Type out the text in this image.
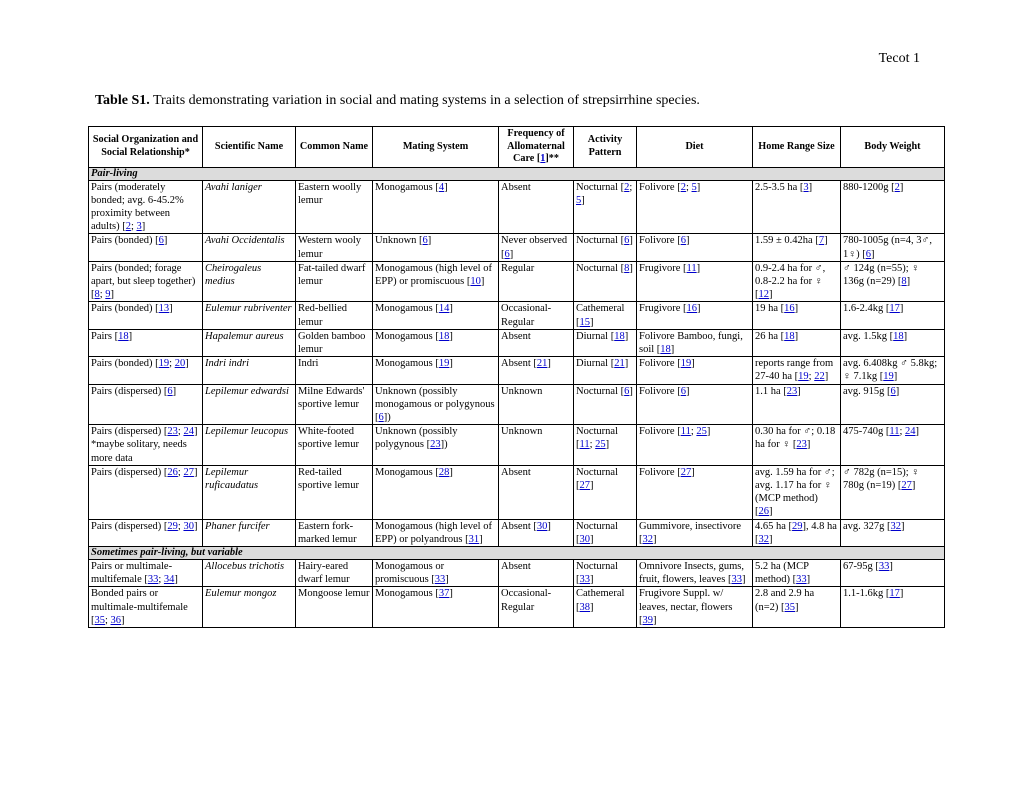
Tecot 1
Table S1. Traits demonstrating variation in social and mating systems in a selection of strepsirrhine species.
Social Organization and Social Relationship*	Scientific Name	Common Name	Mating System	Frequency of Allomaternal Care [1]**	Activity Pattern	Diet	Home Range Size	Body Weight
Pair-living								
Pairs (moderately bonded; avg. 6-45.2% proximity between adults) [2; 3]	Avahi laniger	Eastern woolly lemur	Monogamous [4]	Absent	Nocturnal [2; 5]	Folivore [2; 5]	2.5-3.5 ha [3]	880-1200g [2]
Pairs (bonded) [6]	Avahi Occidentalis	Western wooly lemur	Unknown [6]	Never observed [6]	Nocturnal [6]	Folivore [6]	1.59 ± 0.42ha [7]	780-1005g (n=4, 3♂, 1♀) [6]
Pairs (bonded; forage apart, but sleep together) [8; 9]	Cheirogaleus medius	Fat-tailed dwarf lemur	Monogamous (high level of EPP) or promiscuous [10]	Regular	Nocturnal [8]	Frugivore [11]	0.9-2.4 ha for ♂, 0.8-2.2 ha for ♀ [12]	♂ 124g (n=55); ♀ 136g (n=29) [8]
Pairs (bonded) [13]	Eulemur rubriventer	Red-bellied lemur	Monogamous [14]	Occasional-Regular	Cathemeral [15]	Frugivore [16]	19 ha [16]	1.6-2.4kg [17]
Pairs [18]	Hapalemur aureus	Golden bamboo lemur	Monogamous [18]	Absent	Diurnal [18]	Folivore Bamboo, fungi, soil [18]	26 ha [18]	avg. 1.5kg [18]
Pairs (bonded) [19; 20]	Indri indri	Indri	Monogamous [19]	Absent [21]	Diurnal [21]	Folivore [19]	reports range from 27-40 ha [19; 22]	avg. 6.408kg ♂ 5.8kg; ♀ 7.1kg [19]
Pairs (dispersed) [6]	Lepilemur edwardsi	Milne Edwards' sportive lemur	Unknown (possibly monogamous or polygynous [6])	Unknown	Nocturnal [6]	Folivore [6]	1.1 ha [23]	avg. 915g [6]
Pairs (dispersed) [23; 24] *maybe solitary, needs more data	Lepilemur leucopus	White-footed sportive lemur	Unknown (possibly polygynous [23])	Unknown	Nocturnal [11; 25]	Folivore [11; 25]	0.30 ha for ♂; 0.18 ha for ♀ [23]	475-740g [11; 24]
Pairs (dispersed) [26; 27]	Lepilemur ruficaudatus	Red-tailed sportive lemur	Monogamous [28]	Absent	Nocturnal [27]	Folivore [27]	avg. 1.59 ha for ♂; avg. 1.17 ha for ♀ (MCP method) [26]	♂ 782g (n=15); ♀ 780g (n=19) [27]
Pairs (dispersed) [29; 30]	Phaner furcifer	Eastern fork-marked lemur	Monogamous (high level of EPP) or polyandrous [31]	Absent [30]	Nocturnal [30]	Gummivore, insectivore [32]	4.65 ha [29], 4.8 ha [32]	avg. 327g [32]
Sometimes pair-living, but variable								
Pairs or multimale-multifemale [33; 34]	Allocebus trichotis	Hairy-eared dwarf lemur	Monogamous or promiscuous [33]	Absent	Nocturnal [33]	Omnivore Insects, gums, fruit, flowers, leaves [33]	5.2 ha (MCP method) [33]	67-95g [33]
Bonded pairs or multimale-multifemale [35; 36]	Eulemur mongoz	Mongoose lemur	Monogamous [37]	Occasional-Regular	Cathemeral [38]	Frugivore Suppl. w/ leaves, nectar, flowers [39]	2.8 and 2.9 ha (n=2) [35]	1.1-1.6kg [17]
